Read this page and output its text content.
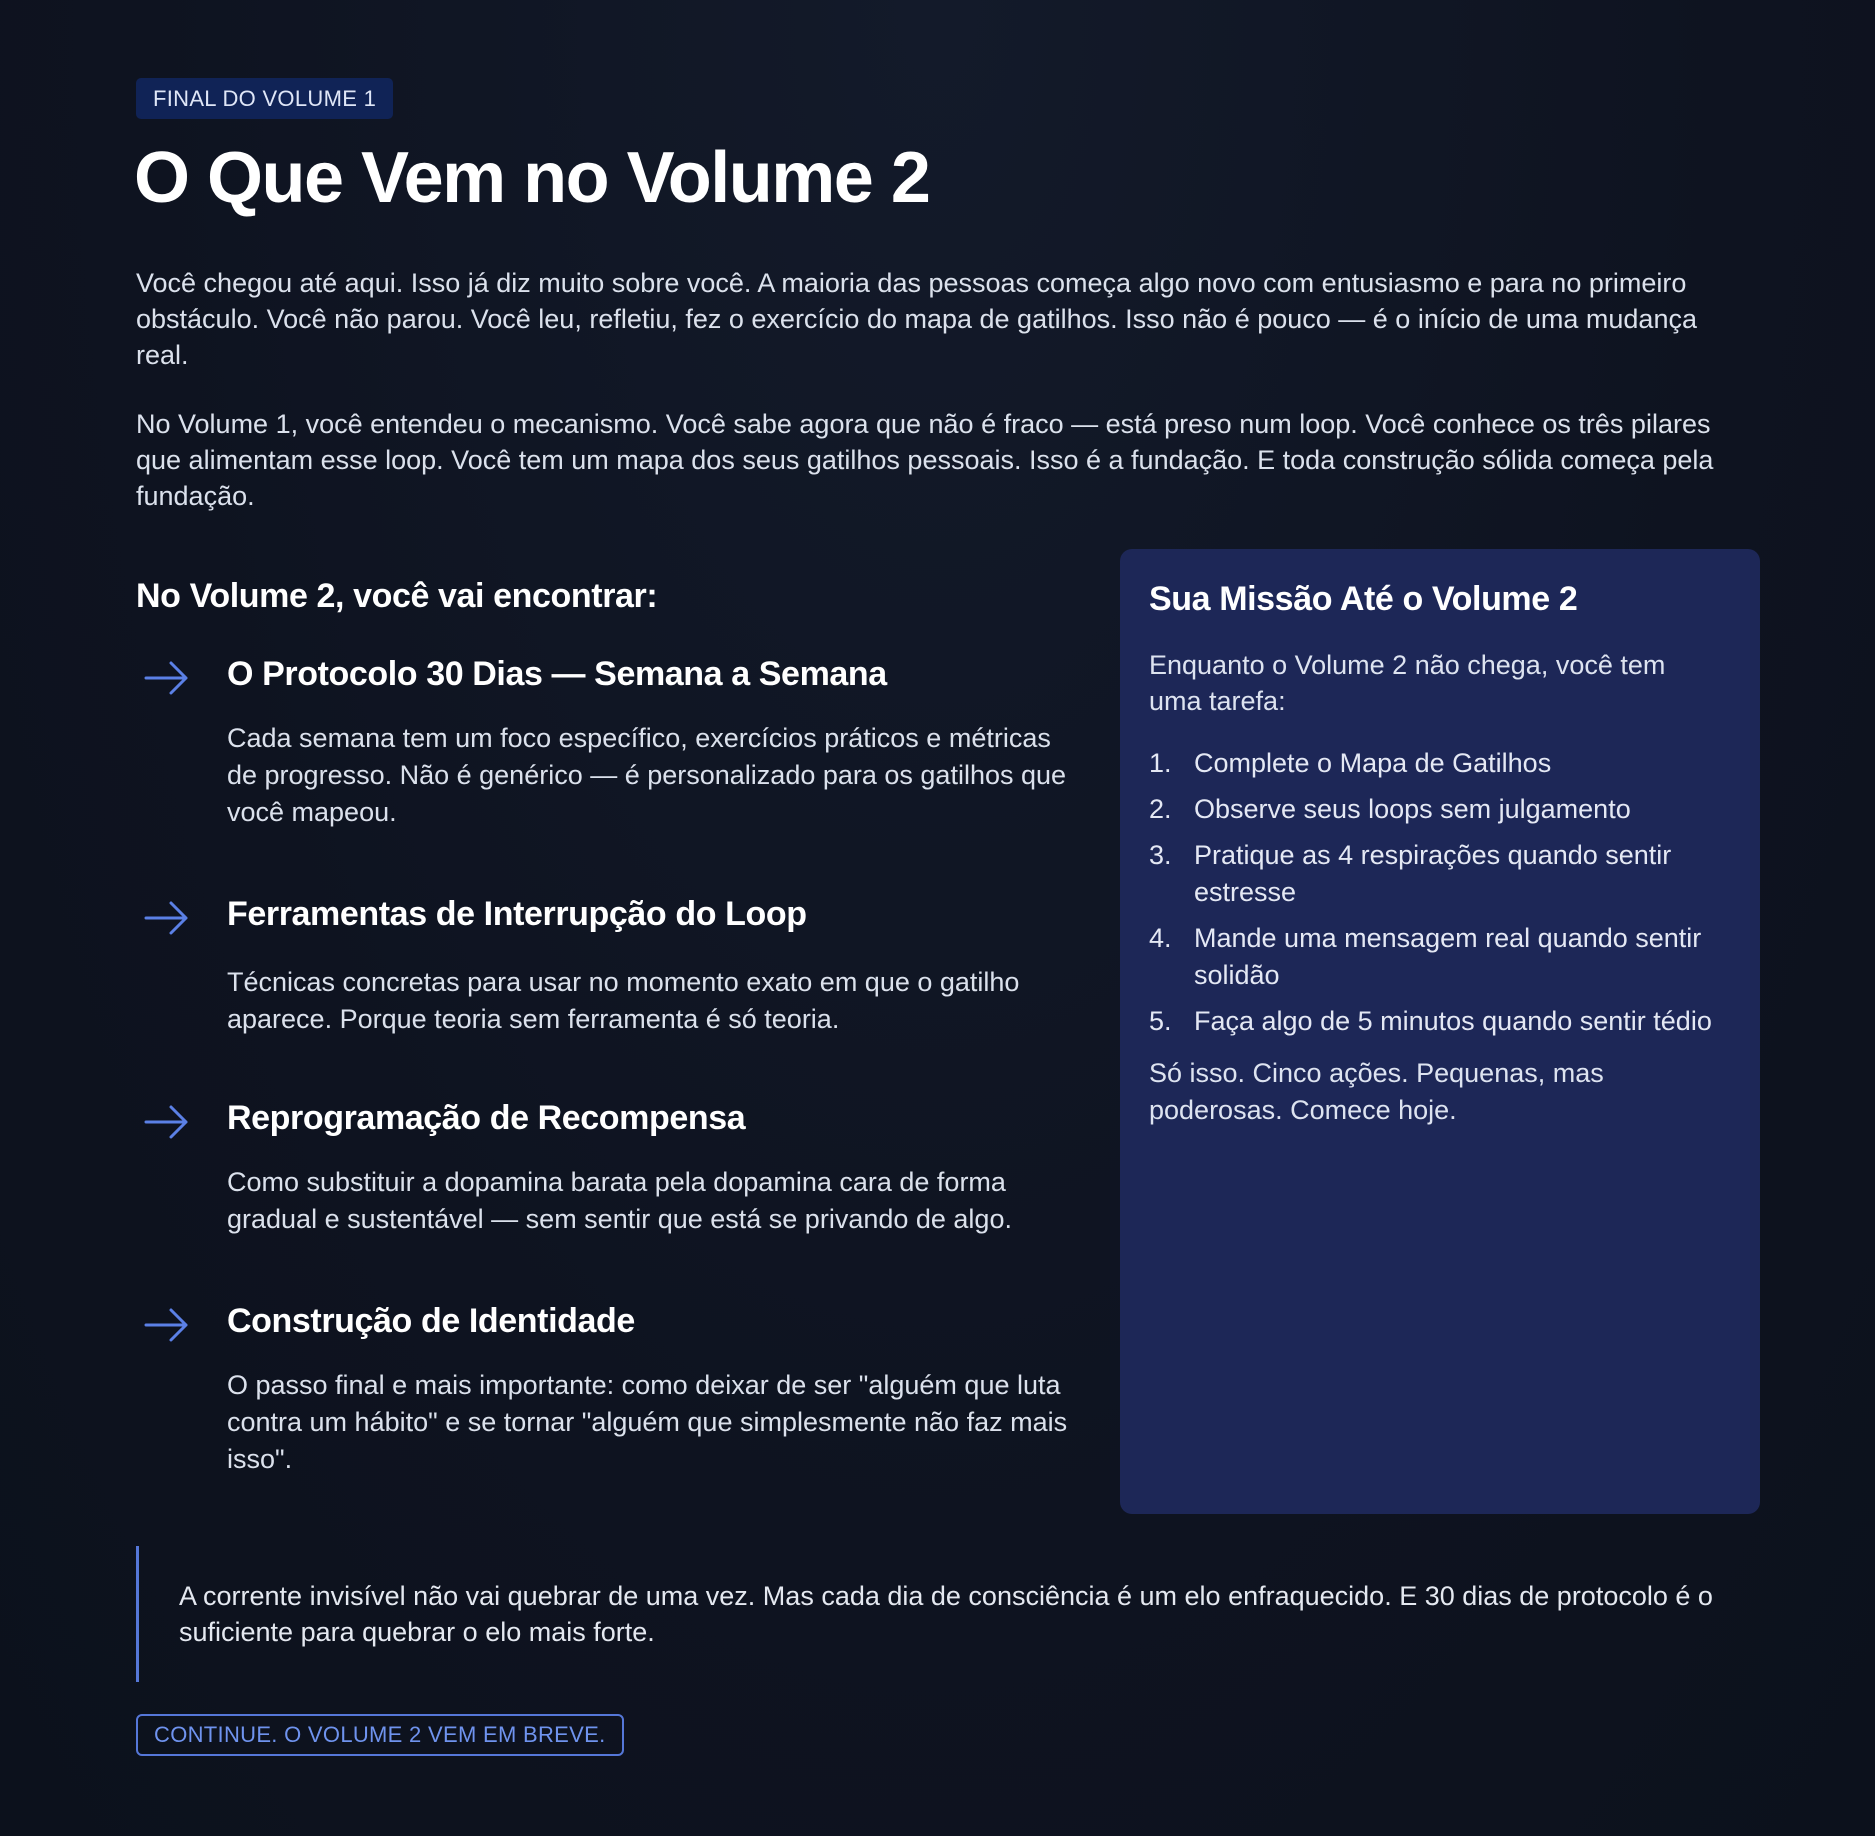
FINAL DO VOLUME 1
O Que Vem no Volume 2

Você chegou até aqui. Isso já diz muito sobre você. A maioria das pessoas começa algo novo com entusiasmo e para no primeiro obstáculo. Você não parou. Você leu, refletiu, fez o exercício do mapa de gatilhos. Isso não é pouco — é o início de uma mudança real.

No Volume 1, você entendeu o mecanismo. Você sabe agora que não é fraco — está preso num loop. Você conhece os três pilares que alimentam esse loop. Você tem um mapa dos seus gatilhos pessoais. Isso é a fundação. E toda construção sólida começa pela fundação.

No Volume 2, você vai encontrar:
O Protocolo 30 Dias — Semana a Semana

Cada semana tem um foco específico, exercícios práticos e métricas de progresso. Não é genérico — é personalizado para os gatilhos que você mapeou.

Ferramentas de Interrupção do Loop

Técnicas concretas para usar no momento exato em que o gatilho aparece. Porque teoria sem ferramenta é só teoria.

Reprogramação de Recompensa

Como substituir a dopamina barata pela dopamina cara de forma gradual e sustentável — sem sentir que está se privando de algo.

Construção de Identidade

O passo final e mais importante: como deixar de ser "alguém que luta contra um hábito" e se tornar "alguém que simplesmente não faz mais isso".

Sua Missão Até o Volume 2

Enquanto o Volume 2 não chega, você tem uma tarefa:

1. Complete o Mapa de Gatilhos
2. Observe seus loops sem julgamento
3. Pratique as 4 respirações quando sentir estresse
4. Mande uma mensagem real quando sentir solidão
5. Faça algo de 5 minutos quando sentir tédio

Só isso. Cinco ações. Pequenas, mas poderosas. Comece hoje.

A corrente invisível não vai quebrar de uma vez. Mas cada dia de consciência é um elo enfraquecido. E 30 dias de protocolo é o suficiente para quebrar o elo mais forte.
CONTINUE. O VOLUME 2 VEM EM BREVE.
